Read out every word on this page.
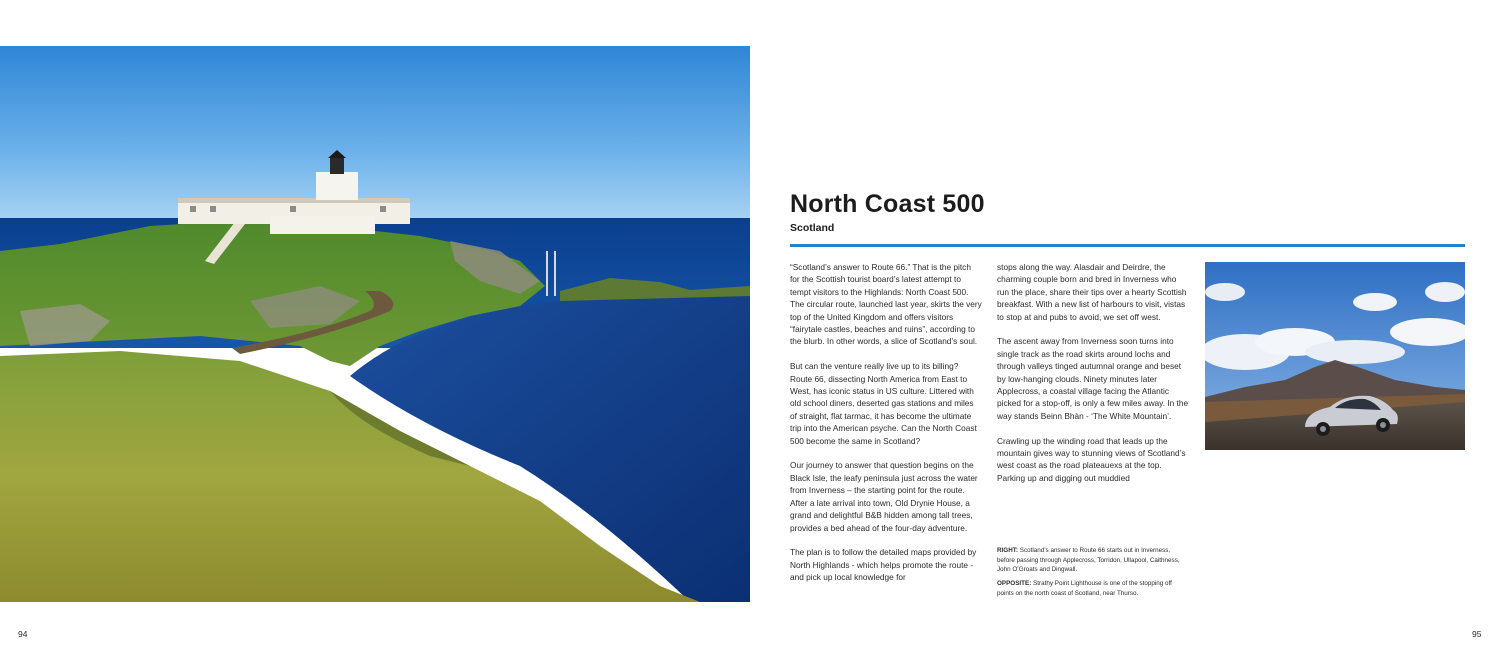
North Coast 500
Scotland

“Scotland’s answer to Route 66.” That is the pitch for the Scottish tourist board’s latest attempt to tempt visitors to the Highlands: North Coast 500. The circular route, launched last year, skirts the very top of the United Kingdom and offers visitors “fairytale castles, beaches and ruins”, according to the blurb. In other words, a slice of Scotland’s soul.

But can the venture really live up to its billing? Route 66, dissecting North America from East to West, has iconic status in US culture. Littered with old school diners, deserted gas stations and miles of straight, flat tarmac, it has become the ultimate trip into the American psyche. Can the North Coast 500 become the same in Scotland?

Our journey to answer that question begins on the Black Isle, the leafy peninsula just across the water from Inverness – the starting point for the route. After a late arrival into town, Old Drynie House, a grand and delightful B&B hidden among tall trees, provides a bed ahead of the four-day adventure.

The plan is to follow the detailed maps provided by North Highlands - which helps promote the route - and pick up local knowledge for

stops along the way. Alasdair and Deirdre, the charming couple born and bred in Inverness who run the place, share their tips over a hearty Scottish breakfast. With a new list of harbours to visit, vistas to stop at and pubs to avoid, we set off west.

The ascent away from Inverness soon turns into single track as the road skirts around lochs and through valleys tinged autumnal orange and beset by low-hanging clouds. Ninety minutes later Applecross, a coastal village facing the Atlantic picked for a stop-off, is only a few miles away. In the way stands Beinn Bhàn - ‘The White Mountain’.

Crawling up the winding road that leads up the mountain gives way to stunning views of Scotland’s west coast as the road plateauexs at the top. Parking up and digging out muddied

RIGHT: Scotland’s answer to Route 66 starts out in Inverness, before passing through Applecross, Torridon, Ullapool, Caithness, John O’Groats and Dingwall.

OPPOSITE: Strathy Point Lighthouse is one of the stopping off points on the north coast of Scotland, near Thurso.

94	95
